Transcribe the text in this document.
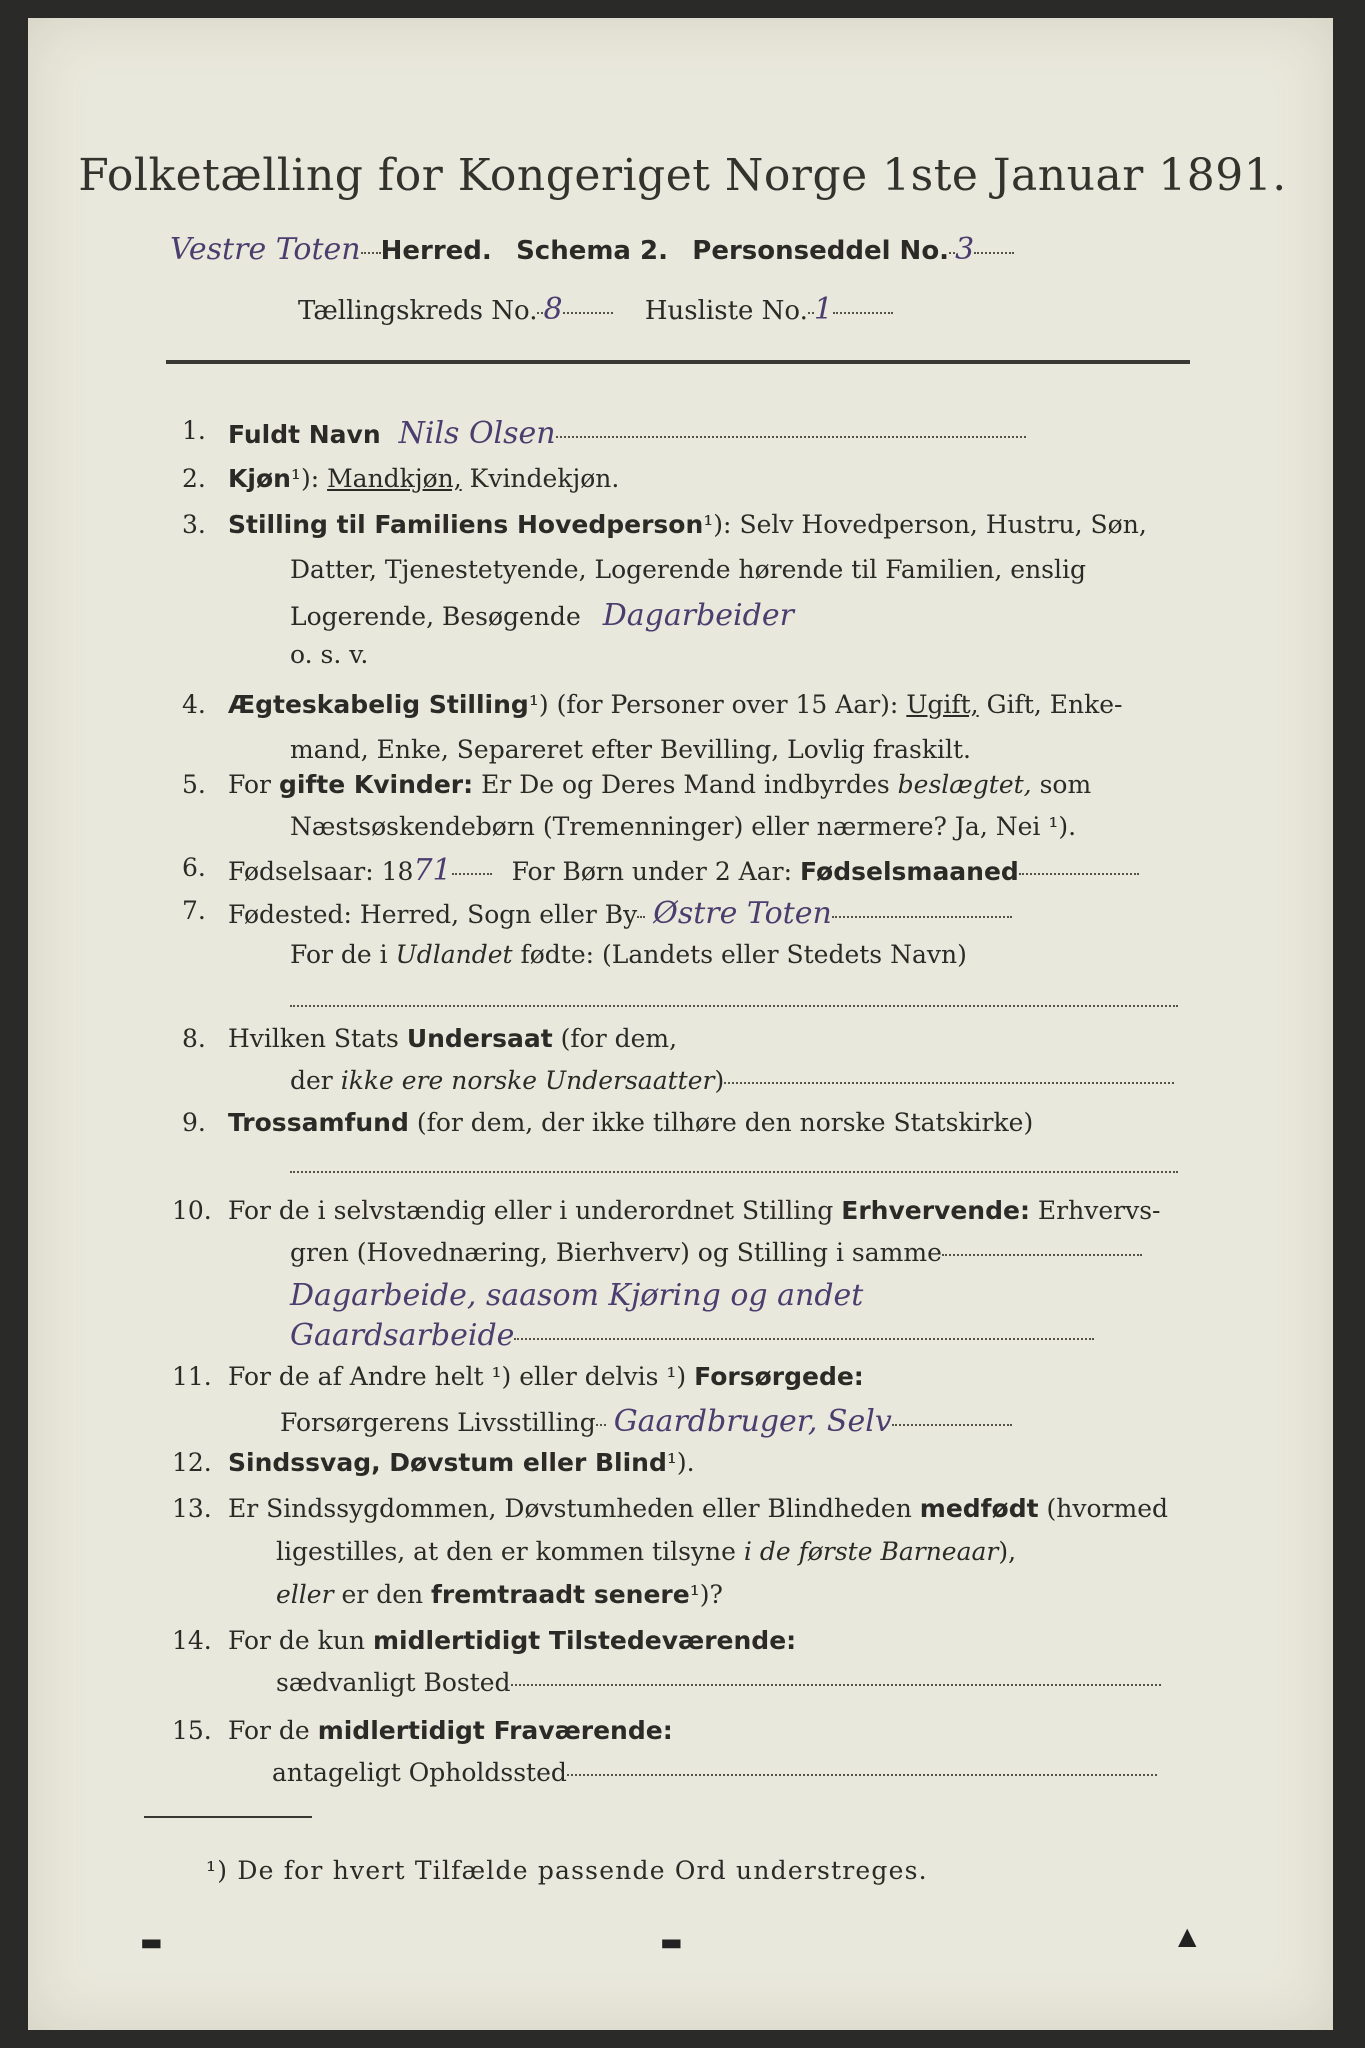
Folketælling for Kongeriget Norge 1ste Januar 1891.
Vestre Toten Herred. Schema 2. Personseddel No. 3
Tællingskreds No. 8	Husliste No. 1
1. Fuldt Navn Nils Olsen
2. Kjøn¹): Mandkjøn, Kvindekjøn.
3. Stilling til Familiens Hovedperson¹): Selv Hovedperson, Hustru, Søn,
Datter, Tjenestetyende, Logerende hørende til Familien, enslig
Logerende, Besøgende Dagarbeider
o. s. v.
4. Ægteskabelig Stilling¹) (for Personer over 15 Aar): Ugift, Gift, Enke-
mand, Enke, Separeret efter Bevilling, Lovlig fraskilt.
5. For gifte Kvinder: Er De og Deres Mand indbyrdes beslægtet, som
Næstsøskendebørn (Tremenninger) eller nærmere? Ja, Nei ¹).
6. Fødselsaar: 1871 For Børn under 2 Aar: Fødselsmaaned
7. Fødested: Herred, Sogn eller By Østre Toten
For de i Udlandet fødte: (Landets eller Stedets Navn)
8. Hvilken Stats Undersaat (for dem,
der ikke ere norske Undersaatter)
9. Trossamfund (for dem, der ikke tilhøre den norske Statskirke)
10. For de i selvstændig eller i underordnet Stilling Erhvervende: Erhvervs-
gren (Hovednæring, Bierhverv) og Stilling i samme
Dagarbeide, saasom Kjøring og andet
Gaardsarbeide
11. For de af Andre helt ¹) eller delvis ¹) Forsørgede:
Forsørgerens Livsstilling Gaardbruger, Selv
12. Sindssvag, Døvstum eller Blind¹).
13. Er Sindssygdommen, Døvstumheden eller Blindheden medfødt (hvormed
ligestilles, at den er kommen tilsyne i de første Barneaar),
eller er den fremtraadt senere¹)?
14. For de kun midlertidigt Tilstedeværende:
sædvanligt Bosted
15. For de midlertidigt Fraværende:
antageligt Opholdssted
¹) De for hvert Tilfælde passende Ord understreges.
▬	▬	▲
